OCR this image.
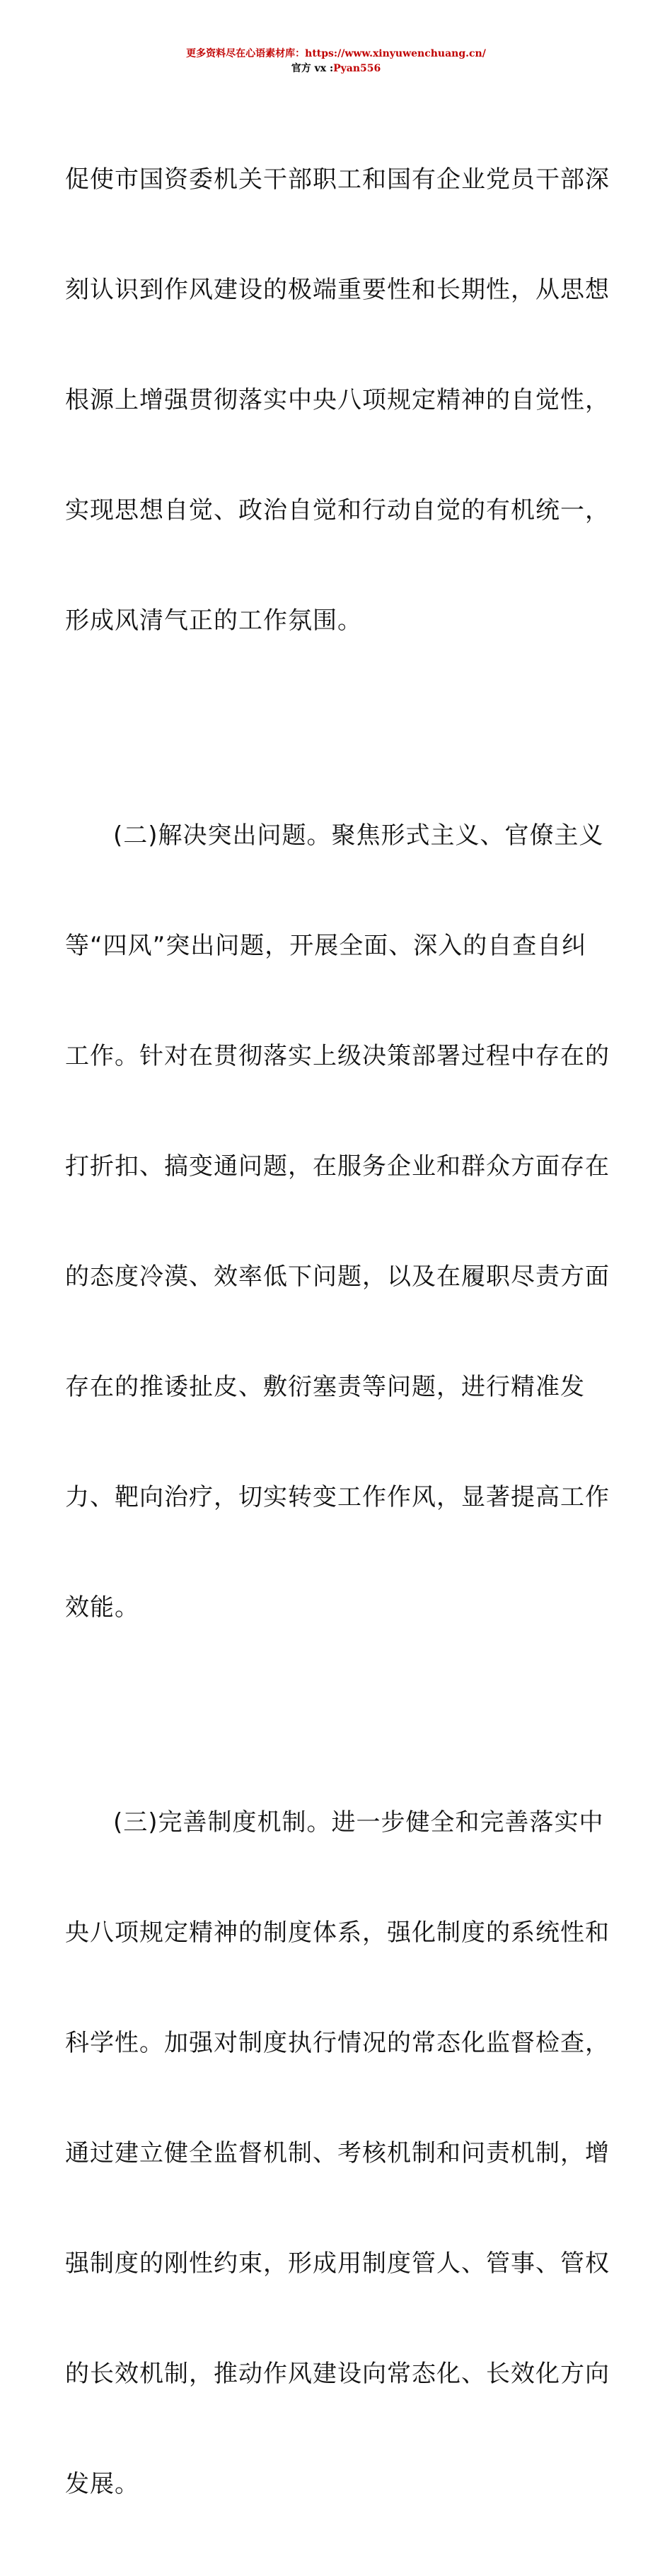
更多资料尽在心语素材库：https://www.xinyuwenchuang.cn/
官方 vx :Pyan556

促使市国资委机关干部职工和国有企业党员干部深

刻认识到作风建设的极端重要性和长期性，从思想

根源上增强贯彻落实中央八项规定精神的自觉性，

实现思想自觉、政治自觉和行动自觉的有机统一，

形成风清气正的工作氛围。

(二)解决突出问题。聚焦形式主义、官僚主义

等“四风”突出问题，开展全面、深入的自查自纠

工作。针对在贯彻落实上级决策部署过程中存在的

打折扣、搞变通问题，在服务企业和群众方面存在

的态度冷漠、效率低下问题，以及在履职尽责方面

存在的推诿扯皮、敷衍塞责等问题，进行精准发

力、靶向治疗，切实转变工作作风，显著提高工作

效能。

(三)完善制度机制。进一步健全和完善落实中

央八项规定精神的制度体系，强化制度的系统性和

科学性。加强对制度执行情况的常态化监督检查，

通过建立健全监督机制、考核机制和问责机制，增

强制度的刚性约束，形成用制度管人、管事、管权

的长效机制，推动作风建设向常态化、长效化方向

发展。
